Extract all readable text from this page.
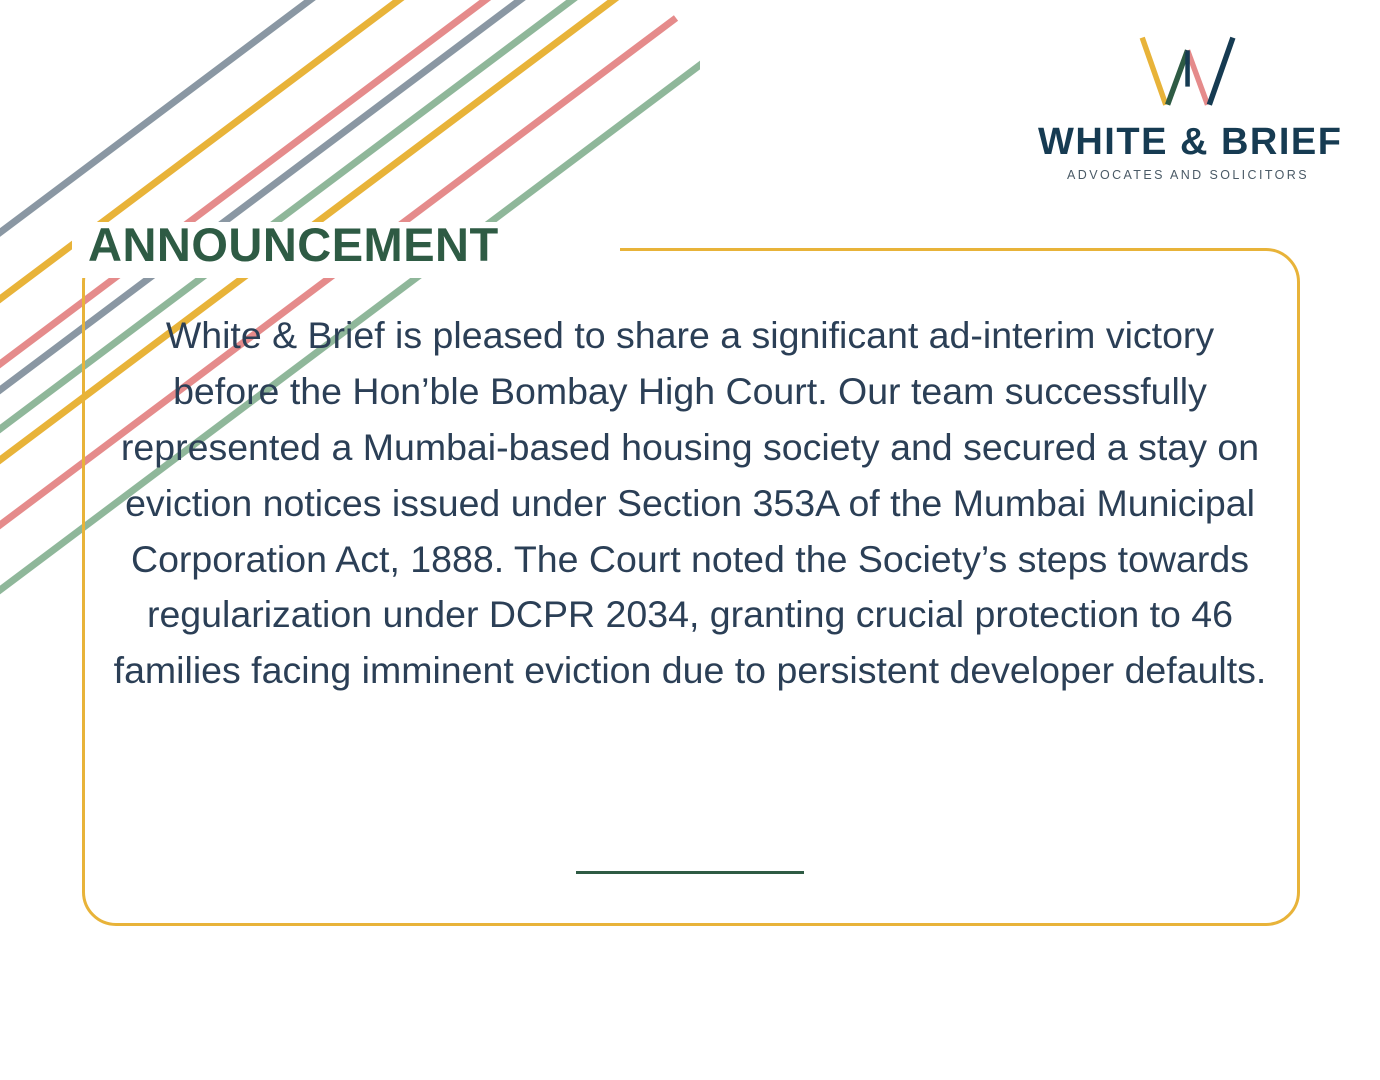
WHITE & BRIEF
ADVOCATES AND SOLICITORS
ANNOUNCEMENT

White & Brief is pleased to share a significant ad-interim victory before the Hon’ble Bombay High Court. Our team successfully represented a Mumbai-based housing society and secured a stay on eviction notices issued under Section 353A of the Mumbai Municipal Corporation Act, 1888. The Court noted the Society’s steps towards regularization under DCPR 2034, granting crucial protection to 46 families facing imminent eviction due to persistent developer defaults.
